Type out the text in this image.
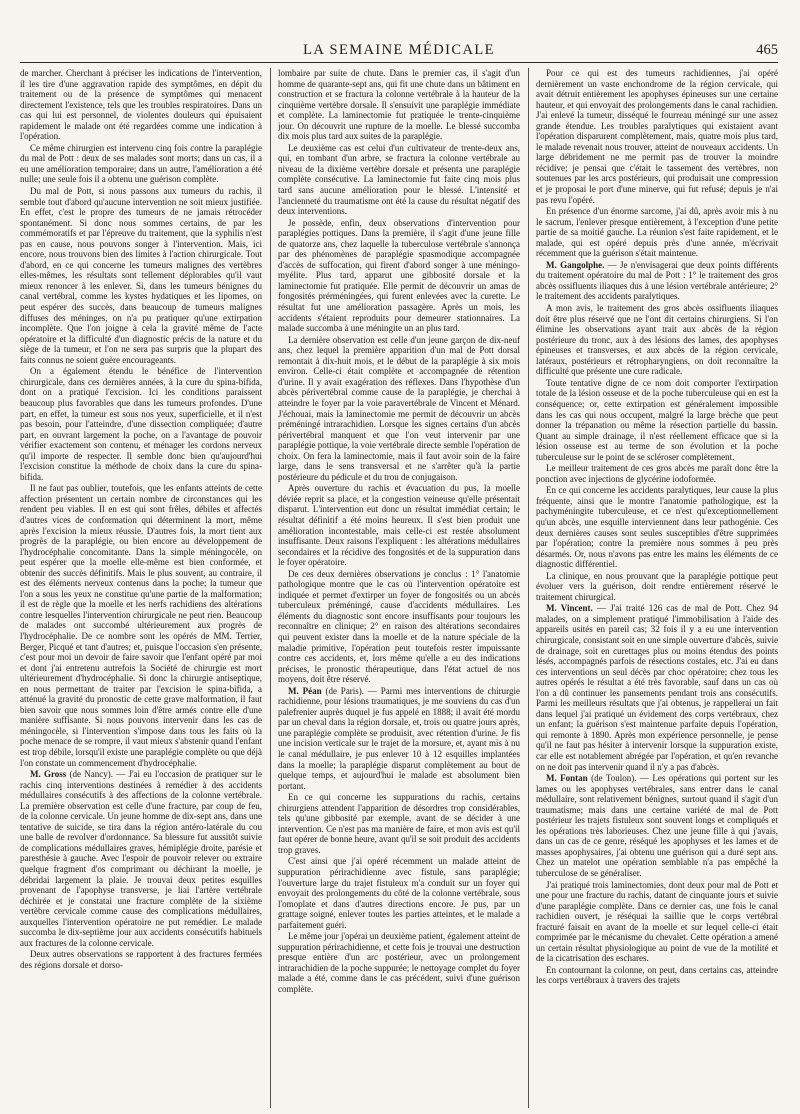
LA SEMAINE MÉDICALE	465

de marcher. Cherchant à préciser les indications de l'intervention, il les tire d'une aggravation rapide des symptômes, en dépit du traitement ou de la présence de symptômes qui menacent directement l'existence, tels que les troubles respiratoires. Dans un cas qui lui est personnel, de violentes douleurs qui épuisaient rapidement le malade ont été regardées comme une indication à l'opération.

Ce même chirurgien est intervenu cinq fois contre la paraplégie du mal de Pott : deux de ses malades sont morts; dans un cas, il a eu une amélioration temporaire; dans un autre, l'amélioration a été nulle; une seule fois il a obtenu une guérison complète.

Du mal de Pott, si nous passons aux tumeurs du rachis, il semble tout d'abord qu'aucune intervention ne soit mieux justifiée. En effet, c'est le propre des tumeurs de ne jamais rétrocéder spontanément. Si donc nous sommes certains, de par les commémoratifs et par l'épreuve du traitement, que la syphilis n'est pas en cause, nous pouvons songer à l'intervention. Mais, ici encore, nous trouvons bien des limites à l'action chirurgicale. Tout d'abord, en ce qui concerne les tumeurs malignes des vertèbres elles-mêmes, les résultats sont tellement déplorables qu'il vaut mieux renoncer à les enlever. Si, dans les tumeurs bénignes du canal vertébral, comme les kystes hydatiques et les lipomes, on peut espérer des succès, dans beaucoup de tumeurs malignes diffuses des méninges, on n'a pu pratiquer qu'une extirpation incomplète. Que l'on joigne à cela la gravité même de l'acte opératoire et la difficulté d'un diagnostic précis de la nature et du siège de la tumeur, et l'on ne sera pas surpris que la plupart des faits connus ne soient guère encourageants.

On a également étendu le bénéfice de l'intervention chirurgicale, dans ces dernières années, à la cure du spina-bifida, dont on a pratiqué l'excision. Ici les conditions paraissent beaucoup plus favorables que dans les tumeurs profondes. D'une part, en effet, la tumeur est sous nos yeux, superficielle, et il n'est pas besoin, pour l'atteindre, d'une dissection compliquée; d'autre part, en ouvrant largement la poche, on a l'avantage de pouvoir vérifier exactement son contenu, et ménager les cordons nerveux qu'il importe de respecter. Il semble donc bien qu'aujourd'hui l'excision constitue la méthode de choix dans la cure du spina-bifida.

Il ne faut pas oublier, toutefois, que les enfants atteints de cette affection présentent un certain nombre de circonstances qui les rendent peu viables. Il en est qui sont frêles, débiles et affectés d'autres vices de conformation qui déterminent la mort, même après l'excision la mieux réussie. D'autres fois, la mort tient aux progrès de la paraplégie, ou bien encore au développement de l'hydrocéphalie concomitante. Dans la simple méningocèle, on peut espérer que la moelle elle-même est bien conformée, et obtenir des succès définitifs. Mais le plus souvent, au contraire, il est des éléments nerveux contenus dans la poche; la tumeur que l'on a sous les yeux ne constitue qu'une partie de la malformation; il est de règle que la moelle et les nerfs rachidiens des altérations contre lesquelles l'intervention chirurgicale ne peut rien. Beaucoup de malades ont succombé ultérieurement aux progrès de l'hydrocéphalie. De ce nombre sont les opérés de MM. Terrier, Berger, Picqué et tant d'autres; et, puisque l'occasion s'en présente, c'est pour moi un devoir de faire savoir que l'enfant opéré par moi et dont j'ai entretenu autrefois la Société de chirurgie est mort ultérieurement d'hydrocéphalie. Si donc la chirurgie antiseptique, en nous permettant de traiter par l'excision le spina-bifida, a atténué la gravité du pronostic de cette grave malformation, il faut bien savoir que nous sommes loin d'être armés contre elle d'une manière suffisante. Si nous pouvons intervenir dans les cas de méningocèle, si l'intervention s'impose dans tous les faits où la poche menace de se rompre, il vaut mieux s'abstenir quand l'enfant est trop débile, lorsqu'il existe une paraplégie complète ou que déjà l'on constate un commencement d'hydrocéphalie.

M. Gross (de Nancy). — J'ai eu l'occasion de pratiquer sur le rachis cinq interventions destinées à remédier à des accidents médullaires consécutifs à des affections de la colonne vertébrale. La première observation est celle d'une fracture, par coup de feu, de la colonne cervicale. Un jeune homme de dix-sept ans, dans une tentative de suicide, se tira dans la région antéro-latérale du cou une balle de revolver d'ordonnance. Sa blessure fut aussitôt suivie de complications médullaires graves, hémiplégie droite, parésie et paresthésie à gauche. Avec l'espoir de pouvoir relever ou extraire quelque fragment d'os comprimant ou déchirant la moelle, je débridai largement la plaie. Je trouvai deux petites esquilles provenant de l'apophyse transverse, je liai l'artère vertébrale déchirée et je constatai une fracture complète de la sixième vertèbre cervicale comme cause des complications médullaires, auxquelles l'intervention opératoire ne put remédier. Le malade succomba le dix-septième jour aux accidents consécutifs habituels aux fractures de la colonne cervicale.

Deux autres observations se rapportent à des fractures fermées des régions dorsale et dorso-

lombaire par suite de chute. Dans le premier cas, il s'agit d'un homme de quarante-sept ans, qui fit une chute dans un bâtiment en construction et se fractura la colonne vertébrale à la hauteur de la cinquième vertèbre dorsale. Il s'ensuivit une paraplégie immédiate et complète. La laminectomie fut pratiquée le trente-cinquième jour. On découvrit une rupture de la moelle. Le blessé succomba dix mois plus tard aux suites de la paraplégie.

Le deuxième cas est celui d'un cultivateur de trente-deux ans, qui, en tombant d'un arbre, se fractura la colonne vertébrale au niveau de la dixième vertèbre dorsale et présenta une paraplégie complète consécutive. La laminectomie fut faite cinq mois plus tard sans aucune amélioration pour le blessé. L'intensité et l'ancienneté du traumatisme ont été la cause du résultat négatif des deux interventions.

Je possède, enfin, deux observations d'intervention pour paraplégies pottiques. Dans la première, il s'agit d'une jeune fille de quatorze ans, chez laquelle la tuberculose vertébrale s'annonça par des phénomènes de paraplégie spasmodique accompagnée d'accès de suffocation, qui firent d'abord songer à une méningo-myélite. Plus tard, apparut une gibbosité dorsale et la laminectomie fut pratiquée. Elle permit de découvrir un amas de fongosités prérméningées, qui furent enlevées avec la curette. Le résultat fut une amélioration passagère. Après un mois, les accidents s'étaient reproduits pour demeurer stationnaires. La malade succomba à une méningite un an plus tard.

La dernière observation est celle d'un jeune garçon de dix-neuf ans, chez lequel la première apparition d'un mal de Pott dorsal remontait à dix-huit mois, et le début de la paraplégie à six mois environ. Celle-ci était complète et accompagnée de rétention d'urine. Il y avait exagération des réflexes. Dans l'hypothèse d'un abcès périvertébral comme cause de la paraplégie, je cherchai à atteindre le foyer par la voie paravertébrale de Vincent et Ménard. J'échouai, mais la laminectomie me permit de découvrir un abcès préméningé intrarachidien. Lorsque les signes certains d'un abcès périvertébral manquent et que l'on veut intervenir par une paraplégie pottique, la voie vertébrale directe semble l'opération de choix. On fera la laminectomie, mais il faut avoir soin de la faire large, dans le sens transversal et ne s'arrêter qu'à la partie postérieure du pédicule et du trou de conjugaison.

Après ouverture du rachis et évacuation du pus, la moelle déviée reprit sa place, et la congestion veineuse qu'elle présentait disparut. L'intervention eut donc un résultat immédiat certain; le résultat définitif a été moins heureux. Il s'est bien produit une amélioration incontestable, mais celle-ci est restée absolument insuffisante. Deux raisons l'expliquent : les altérations médullaires secondaires et la récidive des fongosités et de la suppuration dans le foyer opératoire.

De ces deux dernières observations je conclus : 1° l'anatomie pathologique montre que le cas où l'intervention opératoire est indiquée et permet d'extirper un foyer de fongosités ou un abcès tuberculeux préméningé, cause d'accidents médullaires. Les éléments du diagnostic sont encore insuffisants pour toujours les reconnaître en clinique; 2° en raison des altérations secondaires qui peuvent exister dans la moelle et de la nature spéciale de la maladie primitive, l'opération peut toutefois rester impuissante contre ces accidents, et, lors même qu'elle a eu des indications précises, le pronostic thérapeutique, dans l'état actuel de nos moyens, doit être réservé.

M. Péan (de Paris). — Parmi mes interventions de chirurgie rachidienne, pour lésions traumatiques, je me souviens du cas d'un palefrenier auprès duquel je fus appelé en 1888; il avait été mordu par un cheval dans la région dorsale, et, trois ou quatre jours après, une paraplégie complète se produisit, avec rétention d'urine. Je fis une incision verticale sur le trajet de la morsure, et, ayant mis à nu le canal médullaire, je pus enlever 10 à 12 esquilles implantées dans la moelle; la paraplégie disparut complètement au bout de quelque temps, et aujourd'hui le malade est absolument bien portant.

En ce qui concerne les suppurations du rachis, certains chirurgiens attendent l'apparition de désordres trop considérables, tels qu'une gibbosité par exemple, avant de se décider à une intervention. Ce n'est pas ma manière de faire, et mon avis est qu'il faut opérer de bonne heure, avant qu'il se soit produit des accidents trop graves.

C'est ainsi que j'ai opéré récemment un malade atteint de suppuration périrachidienne avec fistule, sans paraplégie; l'ouverture large du trajet fistuleux m'a conduit sur un foyer qui envoyait des prolongements du côté de la colonne vertébrale, sous l'omoplate et dans d'autres directions encore. Je pus, par un grattage soigné, enlever toutes les parties atteintes, et le malade a parfaitement guéri.

Le même jour j'opérai un deuxième patient, également atteint de suppuration périrachidienne, et cette fois je trouvai une destruction presque entière d'un arc postérieur, avec un prolongement intrarachidien de la poche suppurée; le nettoyage complet du foyer malade a été, comme dans le cas précédent, suivi d'une guérison complète.

Pour ce qui est des tumeurs rachidiennes, j'ai opéré dernièrement un vaste enchondrome de la région cervicale, qui avait détruit entièrement les apophyses épineuses sur une certaine hauteur, et qui envoyait des prolongements dans le canal rachidien. J'ai enlevé la tumeur, disséqué le fourreau méningé sur une assez grande étendue. Les troubles paralytiques qui existaient avant l'opération disparurent complètement, mais, quatre mois plus tard, le malade revenait nous trouver, atteint de nouveaux accidents. Un large débridement ne me permit pas de trouver la moindre récidive; je pensai que c'était le tassement des vertèbres, non soutenues par les arcs postérieurs, qui produisait une compression et je proposai le port d'une minerve, qui fut refusé; depuis je n'ai pas revu l'opéré.

En présence d'un énorme sarcome, j'ai dû, après avoir mis à nu le sacrum, l'enlever presque entièrement, à l'exception d'une petite partie de sa moitié gauche. La réunion s'est faite rapidement, et le malade, qui est opéré depuis près d'une année, m'écrivait récemment que la guérison s'était maintenue.

M. Gangolphe. — Je n'envisagerai que deux points différents du traitement opératoire du mal de Pott : 1° le traitement des gros abcès ossifluents iliaques dus à une lésion vertébrale antérieure; 2° le traitement des accidents paralytiques.

A mon avis, le traitement des gros abcès ossifluents iliaques doit être plus réservé que ne l'ont dit certains chirurgiens. Si l'on élimine les observations ayant trait aux abcès de la région postérieure du tronc, aux à des lésions des lames, des apophyses épineuses et transverses, et aux abcès de la région cervicale, latéraux, postérieurs et rétropharyngiens, on doit reconnaître la difficulté que présente une cure radicale.

Toute tentative digne de ce nom doit comporter l'extirpation totale de la lésion osseuse et de la poche tuberculeuse qui en est la conséquence; or, cette extirpation est généralement impossible dans les cas qui nous occupent, malgré la large brèche que peut donner la trépanation ou même la résection partielle du bassin. Quant au simple drainage, il n'est réellement efficace que si la lésion osseuse est au terme de son évolution et la poche tuberculeuse sur le point de se scléroser complètement.

Le meilleur traitement de ces gros abcès me paraît donc être la ponction avec injections de glycérine iodoformée.

En ce qui concerne les accidents paralytiques, leur cause la plus fréquente, ainsi que le montre l'anatomie pathologique, est la pachyméningite tuberculeuse, et ce n'est qu'exceptionnellement qu'un abcès, une esquille interviennent dans leur pathogénie. Ces deux dernières causes sont seules susceptibles d'être supprimées par l'opération; contre la première nous sommes à peu près désarmés. Or, nous n'avons pas entre les mains les éléments de ce diagnostic différentiel.

La clinique, en nous prouvant que la paraplégie pottique peut évoluer vers la guérison, doit rendre entièrement réservé le traitement chirurgical.

M. Vincent. — J'ai traité 126 cas de mal de Pott. Chez 94 malades, on a simplement pratiqué l'immobilisation à l'aide des appareils usités en pareil cas; 32 fois il y a eu une intervention chirurgicale, consistant soit en une simple ouverture d'abcès, suivie de drainage, soit en curettages plus ou moins étendus des points lésés, accompagnés parfois de résections costales, etc. J'ai eu dans ces interventions un seul décès par choc opératoire; chez tous les autres opérés le résultat a été très favorable, sauf dans un cas où l'on a dû continuer les pansements pendant trois ans consécutifs. Parmi les meilleurs résultats que j'ai obtenus, je rappellerai un fait dans lequel j'ai pratiqué un évidement des corps vertébraux, chez un enfant; la guérison s'est maintenue parfaite depuis l'opération, qui remonte à 1890. Après mon expérience personnelle, je pense qu'il ne faut pas hésiter à intervenir lorsque la suppuration existe, car elle est notablement abrégée par l'opération, et qu'en revanche on ne doit pas intervenir quand il n'y a pas d'abcès.

M. Fontan (de Toulon). — Les opérations qui portent sur les lames ou les apophyses vertébrales, sans entrer dans le canal médullaire, sont relativement bénignes, surtout quand il s'agit d'un traumatisme; mais dans une certaine variété de mal de Pott postérieur les trajets fistuleux sont souvent longs et compliqués et les opérations très laborieuses. Chez une jeune fille à qui j'avais, dans un cas de ce genre, réséqué les apophyses et les lames et de masses apophysaires, j'ai obtenu une guérison qui a duré sept ans. Chez un matelot une opération semblable n'a pas empêché la tuberculose de se généraliser.

J'ai pratiqué trois laminectomies, dont deux pour mal de Pott et une pour une fracture du rachis, datant de cinquante jours et suivie d'une paraplégie complète. Dans ce dernier cas, une fois le canal rachidien ouvert, je réséquai la saillie que le corps vertébral fracturé faisait en avant de la moelle et sur lequel celle-ci était comprimée par le mécanisme du chevalet. Cette opération a amené un certain résultat physiologique au point de vue de la motilité et de la cicatrisation des eschares.

En contournant la colonne, on peut, dans certains cas, atteindre les corps vertébraux à travers des trajets
